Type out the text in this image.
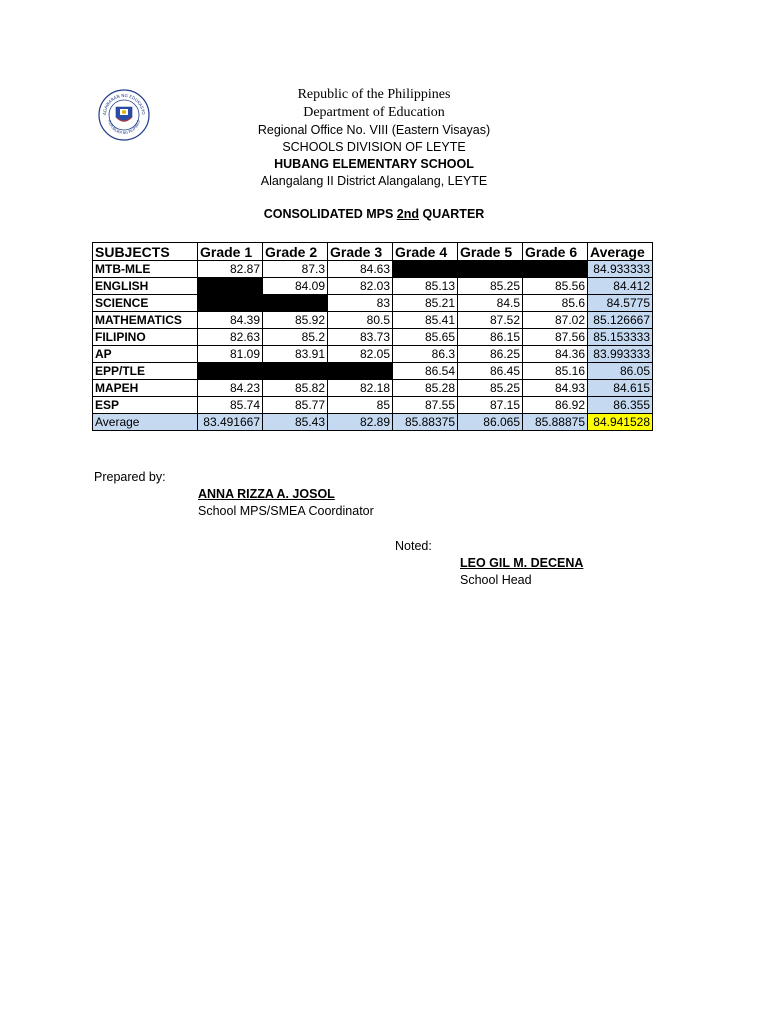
AGAWARAN NG EDUKASYO
REPUBLIKA NG PILIPINAS
Republic of the Philippines
Department of Education
Regional Office No. VIII (Eastern Visayas)
SCHOOLS DIVISION OF LEYTE
HUBANG ELEMENTARY SCHOOL
Alangalang II District Alangalang, LEYTE
CONSOLIDATED MPS 2nd QUARTER
SUBJECTS	Grade 1	Grade 2	Grade 3	Grade 4	Grade 5	Grade 6	Average
MTB-MLE	82.87	87.3	84.63				84.933333
ENGLISH		84.09	82.03	85.13	85.25	85.56	84.412
SCIENCE			83	85.21	84.5	85.6	84.5775
MATHEMATICS	84.39	85.92	80.5	85.41	87.52	87.02	85.126667
FILIPINO	82.63	85.2	83.73	85.65	86.15	87.56	85.153333
AP	81.09	83.91	82.05	86.3	86.25	84.36	83.993333
EPP/TLE				86.54	86.45	85.16	86.05
MAPEH	84.23	85.82	82.18	85.28	85.25	84.93	84.615
ESP	85.74	85.77	85	87.55	87.15	86.92	86.355
Average	83.491667	85.43	82.89	85.88375	86.065	85.88875	84.941528
Prepared by:
ANNA RIZZA A. JOSOL
School MPS/SMEA Coordinator
Noted:
LEO GIL M. DECENA
School Head
